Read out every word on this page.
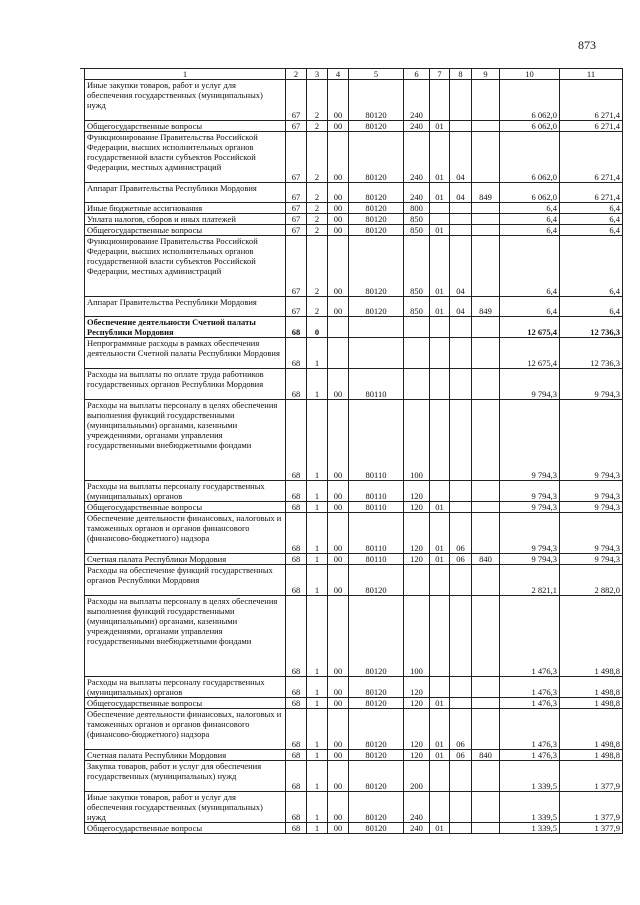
873
1	2	3	4	5	6	7	8	9	10	11
Иные закупки товаров, работ и услуг для обеспечения государственных (муниципальных) нужд	67	2	00	80120	240				6 062,0	6 271,4
Общегосударственные вопросы	67	2	00	80120	240	01			6 062,0	6 271,4
Функционирование Правительства Российской Федерации, высших исполнительных органов государственной власти субъектов Российской Федерации, местных администраций	67	2	00	80120	240	01	04		6 062,0	6 271,4
Аппарат Правительства Республики Мордовия	67	2	00	80120	240	01	04	849	6 062,0	6 271,4
Иные бюджетные ассигнования	67	2	00	80120	800				6,4	6,4
Уплата налогов, сборов и иных платежей	67	2	00	80120	850				6,4	6,4
Общегосударственные вопросы	67	2	00	80120	850	01			6,4	6,4
Функционирование Правительства Российской Федерации, высших исполнительных органов государственной власти субъектов Российской Федерации, местных администраций	67	2	00	80120	850	01	04		6,4	6,4
Аппарат Правительства Республики Мордовия	67	2	00	80120	850	01	04	849	6,4	6,4
Обеспечение деятельности Счетной палаты Республики Мордовия	68	0							12 675,4	12 736,3
Непрограммные расходы в рамках обеспечения деятельности Счетной палаты Республики Мордовия	68	1							12 675,4	12 736,3
Расходы на выплаты по оплате труда работников государственных органов Республики Мордовия	68	1	00	80110					9 794,3	9 794,3
Расходы на выплаты персоналу в целях обеспечения выполнения функций государственными (муниципальными) органами, казенными учреждениями, органами управления государственными внебюджетными фондами	68	1	00	80110	100				9 794,3	9 794,3
Расходы на выплаты персоналу государственных (муниципальных) органов	68	1	00	80110	120				9 794,3	9 794,3
Общегосударственные вопросы	68	1	00	80110	120	01			9 794,3	9 794,3
Обеспечение деятельности финансовых, налоговых и таможенных органов и органов финансового (финансово-бюджетного) надзора	68	1	00	80110	120	01	06		9 794,3	9 794,3
Счетная палата Республики Мордовия	68	1	00	80110	120	01	06	840	9 794,3	9 794,3
Расходы на обеспечение функций государственных органов Республики Мордовия	68	1	00	80120					2 821,1	2 882,0
Расходы на выплаты персоналу в целях обеспечения выполнения функций государственными (муниципальными) органами, казенными учреждениями, органами управления государственными внебюджетными фондами	68	1	00	80120	100				1 476,3	1 498,8
Расходы на выплаты персоналу государственных (муниципальных) органов	68	1	00	80120	120				1 476,3	1 498,8
Общегосударственные вопросы	68	1	00	80120	120	01			1 476,3	1 498,8
Обеспечение деятельности финансовых, налоговых и таможенных органов и органов финансового (финансово-бюджетного) надзора	68	1	00	80120	120	01	06		1 476,3	1 498,8
Счетная палата Республики Мордовия	68	1	00	80120	120	01	06	840	1 476,3	1 498,8
Закупка товаров, работ и услуг для обеспечения государственных (муниципальных) нужд	68	1	00	80120	200				1 339,5	1 377,9
Иные закупки товаров, работ и услуг для обеспечения государственных (муниципальных) нужд	68	1	00	80120	240				1 339,5	1 377,9
Общегосударственные вопросы	68	1	00	80120	240	01			1 339,5	1 377,9
